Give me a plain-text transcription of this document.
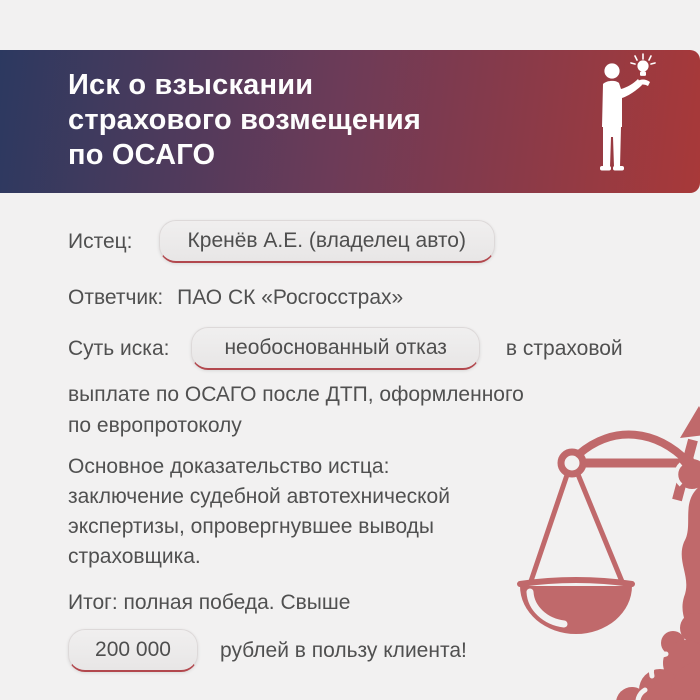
Иск о взыскании
страхового возмещения
по ОСАГО
Истец:	Кренёв А.Е. (владелец авто)
Ответчик: ПАО СК «Росгосстрах»
Суть иска:	необоснованный отказ	в страховой
выплате по ОСАГО после ДТП, оформленного
по европротоколу
Основное доказательство истца:
заключение судебной автотехнической
экспертизы, опровергнувшее выводы
страховщика.
Итог: полная победа. Свыше
200 000	рублей в пользу клиента!
